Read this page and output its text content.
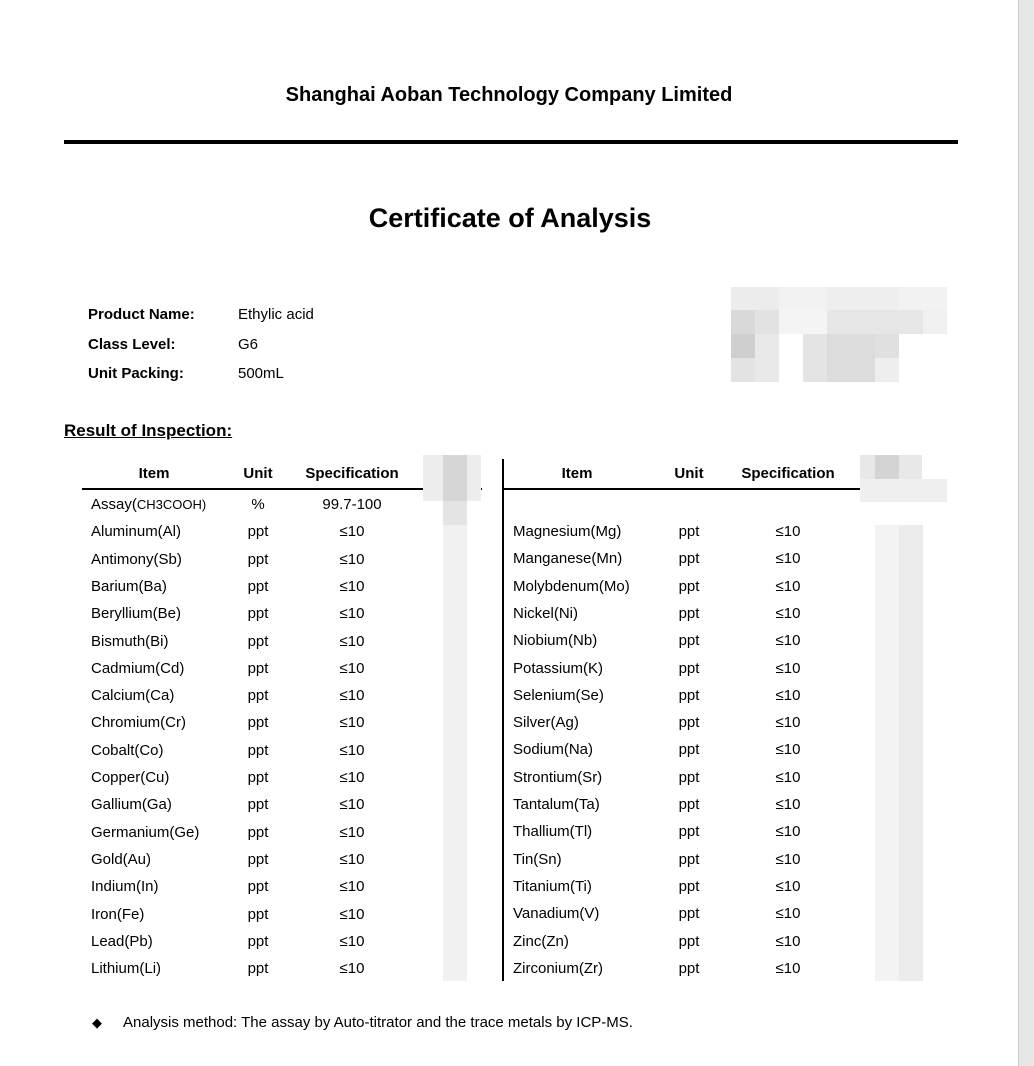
Shanghai Aoban Technology Company Limited
Certificate of Analysis
Product Name:	Ethylic acid
Class Level:	G6
Unit Packing:	500mL
Result of Inspection:
Item	Unit Specification	Item	Unit	Specification
Assay(CH3COOH)	%	99.7-100
Aluminum(Al)	ppt	≤10
Antimony(Sb)	ppt	≤10
Barium(Ba)	ppt	≤10
Beryllium(Be)	ppt	≤10
Bismuth(Bi)	ppt	≤10
Cadmium(Cd)	ppt	≤10
Calcium(Ca)	ppt	≤10
Chromium(Cr)	ppt	≤10
Cobalt(Co)	ppt	≤10
Copper(Cu)	ppt	≤10
Gallium(Ga)	ppt	≤10
Germanium(Ge)	ppt	≤10
Gold(Au)	ppt	≤10
Indium(In)	ppt	≤10
Iron(Fe)	ppt	≤10
Lead(Pb)	ppt	≤10
Lithium(Li)	ppt	≤10
Magnesium(Mg)	ppt	≤10
Manganese(Mn)	ppt	≤10
Molybdenum(Mo)	ppt	≤10
Nickel(Ni)	ppt	≤10
Niobium(Nb)	ppt	≤10
Potassium(K)	ppt	≤10
Selenium(Se)	ppt	≤10
Silver(Ag)	ppt	≤10
Sodium(Na)	ppt	≤10
Strontium(Sr)	ppt	≤10
Tantalum(Ta)	ppt	≤10
Thallium(Tl)	ppt	≤10
Tin(Sn)	ppt	≤10
Titanium(Ti)	ppt	≤10
Vanadium(V)	ppt	≤10
Zinc(Zn)	ppt	≤10
Zirconium(Zr)	ppt	≤10
◆ Analysis method: The assay by Auto-titrator and the trace metals by ICP-MS.
